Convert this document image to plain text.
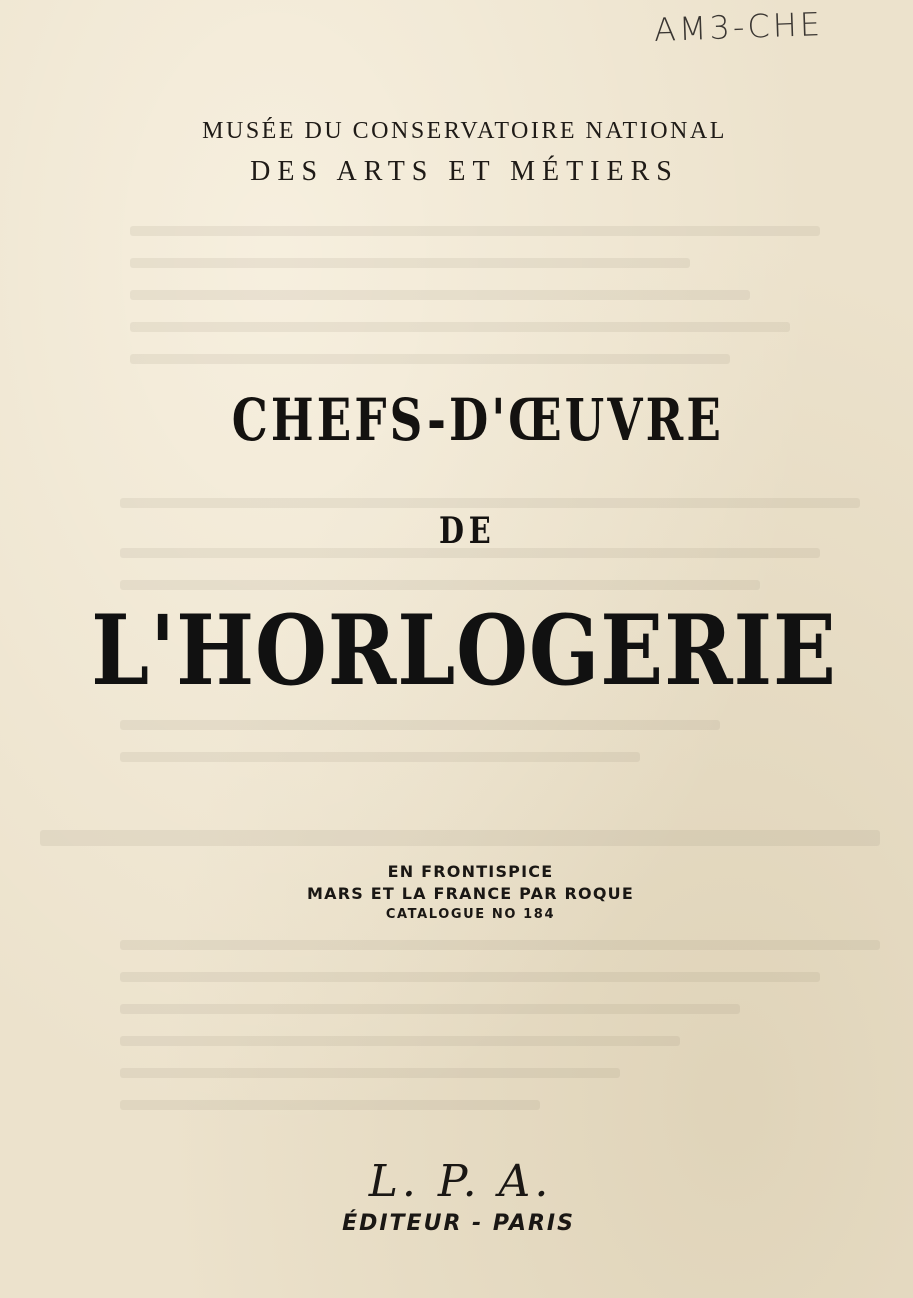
AM3-CHE
MUSÉE DU CONSERVATOIRE NATIONAL
DES ARTS ET MÉTIERS
CHEFS-D'ŒUVRE
DE
L'HORLOGERIE
EN FRONTISPICE
MARS ET LA FRANCE PAR ROQUE
CATALOGUE NO 184
L. P. A.
ÉDITEUR - PARIS
